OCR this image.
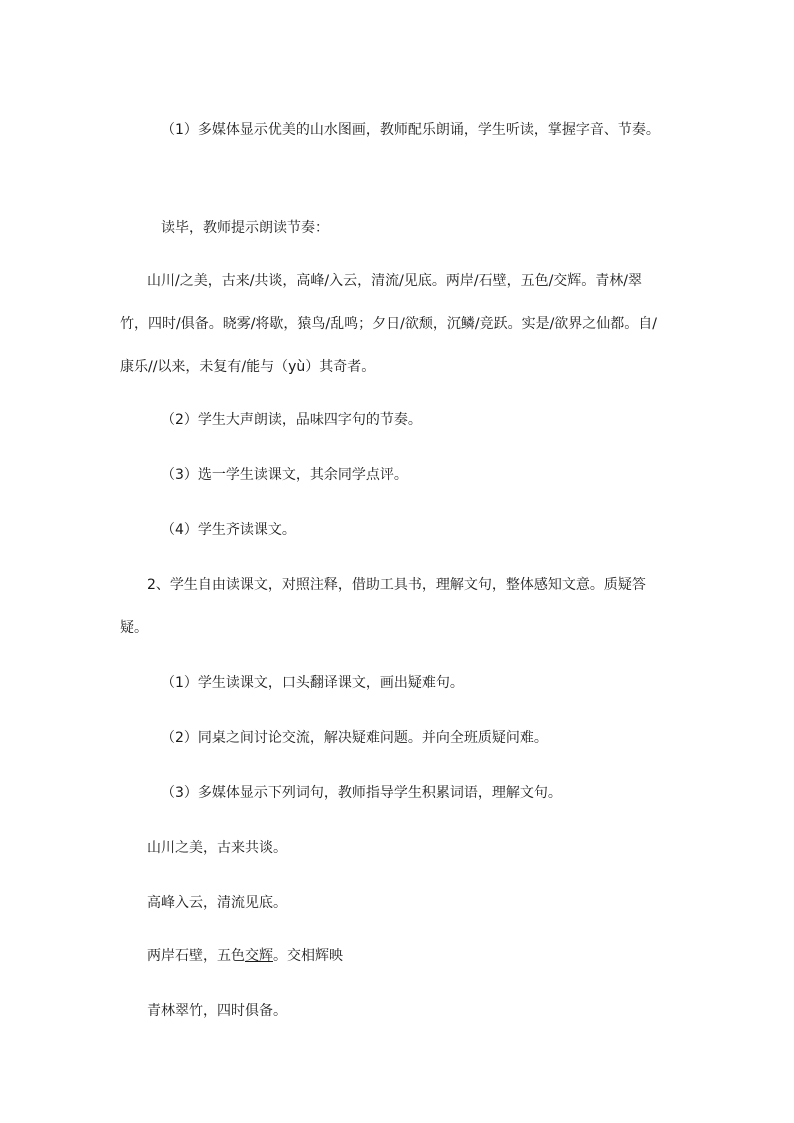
（1）多媒体显示优美的山水图画，教师配乐朗诵，学生听读，掌握字音、节奏。
读毕，教师提示朗读节奏：
山川/之美，古来/共谈，高峰/入云，清流/见底。两岸/石壁，五色/交辉。青林/翠
竹，四时/俱备。晓雾/将歇，猿鸟/乱鸣；夕日/欲颓，沉鳞/竞跃。实是/欲界之仙都。自/
康乐//以来，未复有/能与（yù）其奇者。
（2）学生大声朗读，品味四字句的节奏。
（3）选一学生读课文，其余同学点评。
（4）学生齐读课文。
2、学生自由读课文，对照注释，借助工具书，理解文句，整体感知文意。质疑答
疑。
（1）学生读课文，口头翻译课文，画出疑难句。
（2）同桌之间讨论交流，解决疑难问题。并向全班质疑问难。
（3）多媒体显示下列词句，教师指导学生积累词语，理解文句。
山川之美，古来共谈。
高峰入云，清流见底。
两岸石壁，五色交辉。交相辉映
青林翠竹，四时俱备。
